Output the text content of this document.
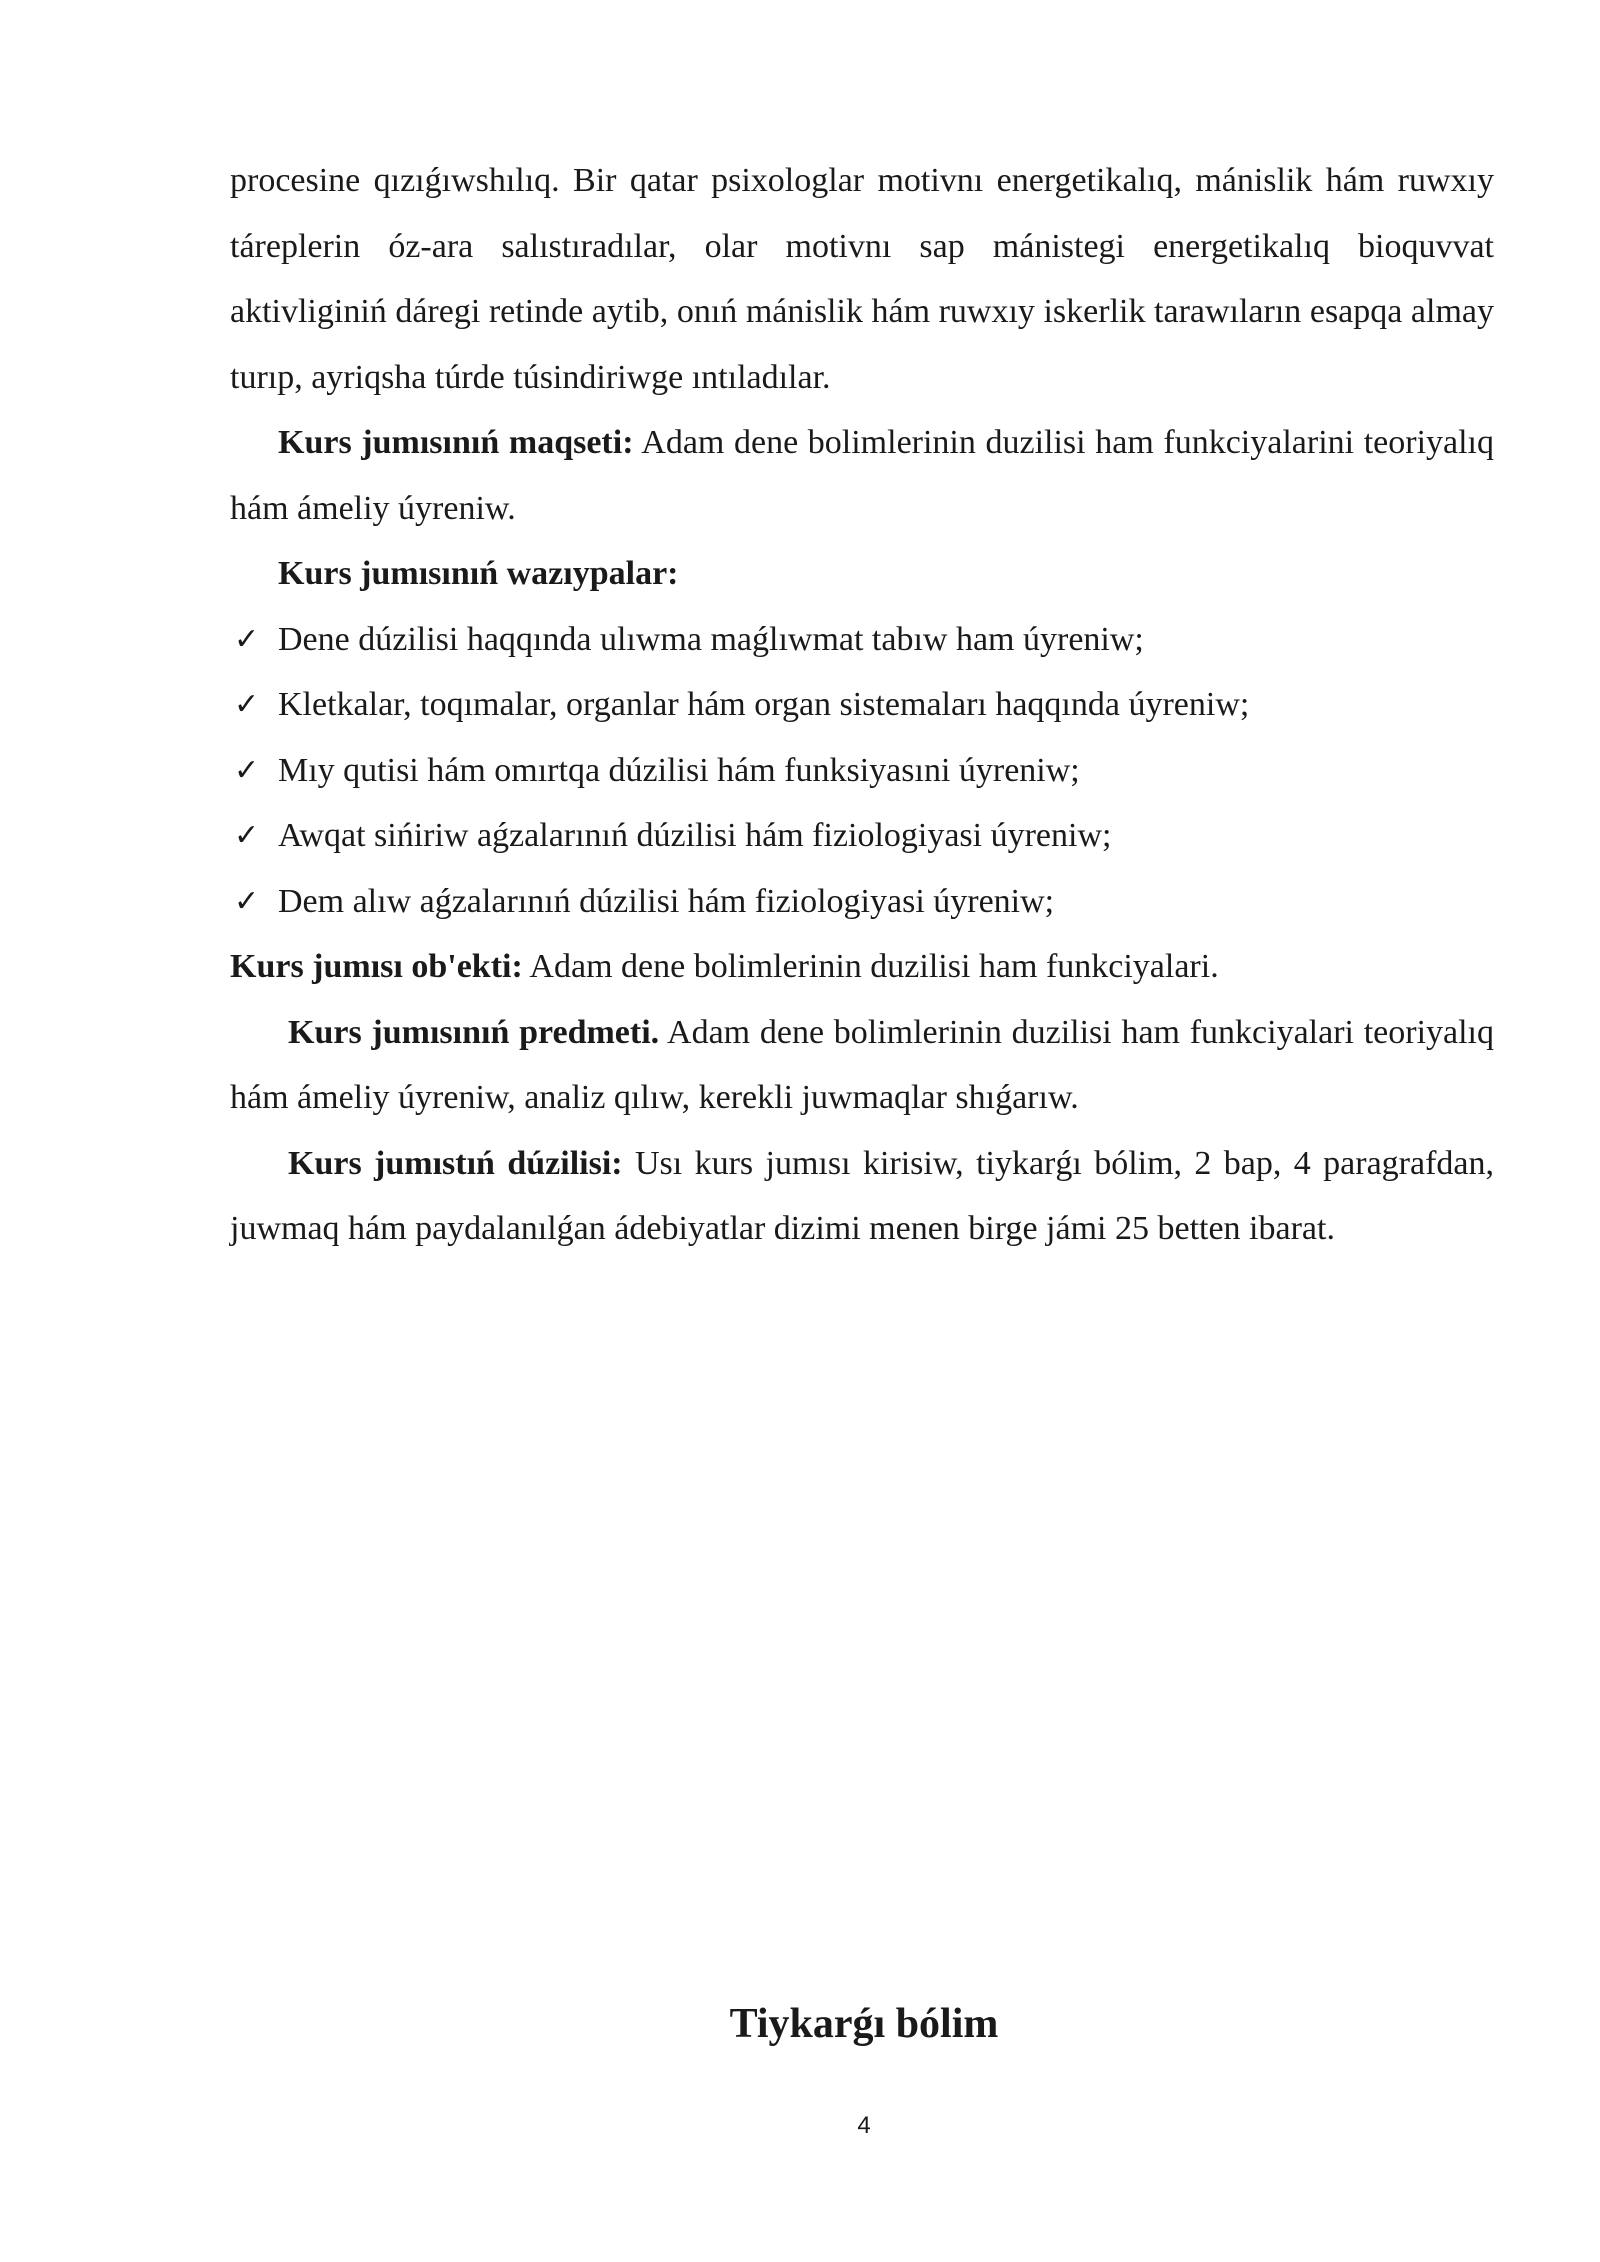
procesine qızıǵıwshılıq. Bir qatar psixologlar motivnı energetikalıq, mánislik hám ruwxıy táreplerin óz-ara salıstıradılar, olar motivnı sap mánistegi energetikalıq bioquvvat aktivliginiń dáregi retinde aytib, onıń mánislik hám ruwxıy iskerlik tarawıların esapqa almay turıp, ayriqsha túrde túsindiriwge ıntıladılar.

Kurs jumısınıń maqseti: Adam dene bolimlerinin duzilisi ham funkciyalarini teoriyalıq hám ámeliy úyreniw.

Kurs jumısınıń wazıypalar:

✓ Dene dúzilisi haqqında ulıwma maǵlıwmat tabıw ham úyreniw;
✓ Kletkalar, toqımalar, organlar hám organ sistemaları haqqında úyreniw;
✓ Mıy qutisi hám omırtqa dúzilisi hám funksiyasıni úyreniw;
✓ Awqat sińiriw aǵzalarınıń dúzilisi hám fiziologiyasi úyreniw;
✓ Dem alıw aǵzalarınıń dúzilisi hám fiziologiyasi úyreniw;

Kurs jumısı ob'ekti: Adam dene bolimlerinin duzilisi ham funkciyalari.

Kurs jumısınıń predmeti. Adam dene bolimlerinin duzilisi ham funkciyalari teoriyalıq hám ámeliy úyreniw, analiz qılıw, kerekli juwmaqlar shıǵarıw.

Kurs jumıstıń dúzilisi: Usı kurs jumısı kirisiw, tiykarǵı bólim, 2 bap, 4 paragrafdan, juwmaq hám paydalanılǵan ádebiyatlar dizimi menen birge jámi 25 betten ibarat.

Tiykarǵı bólim
4
